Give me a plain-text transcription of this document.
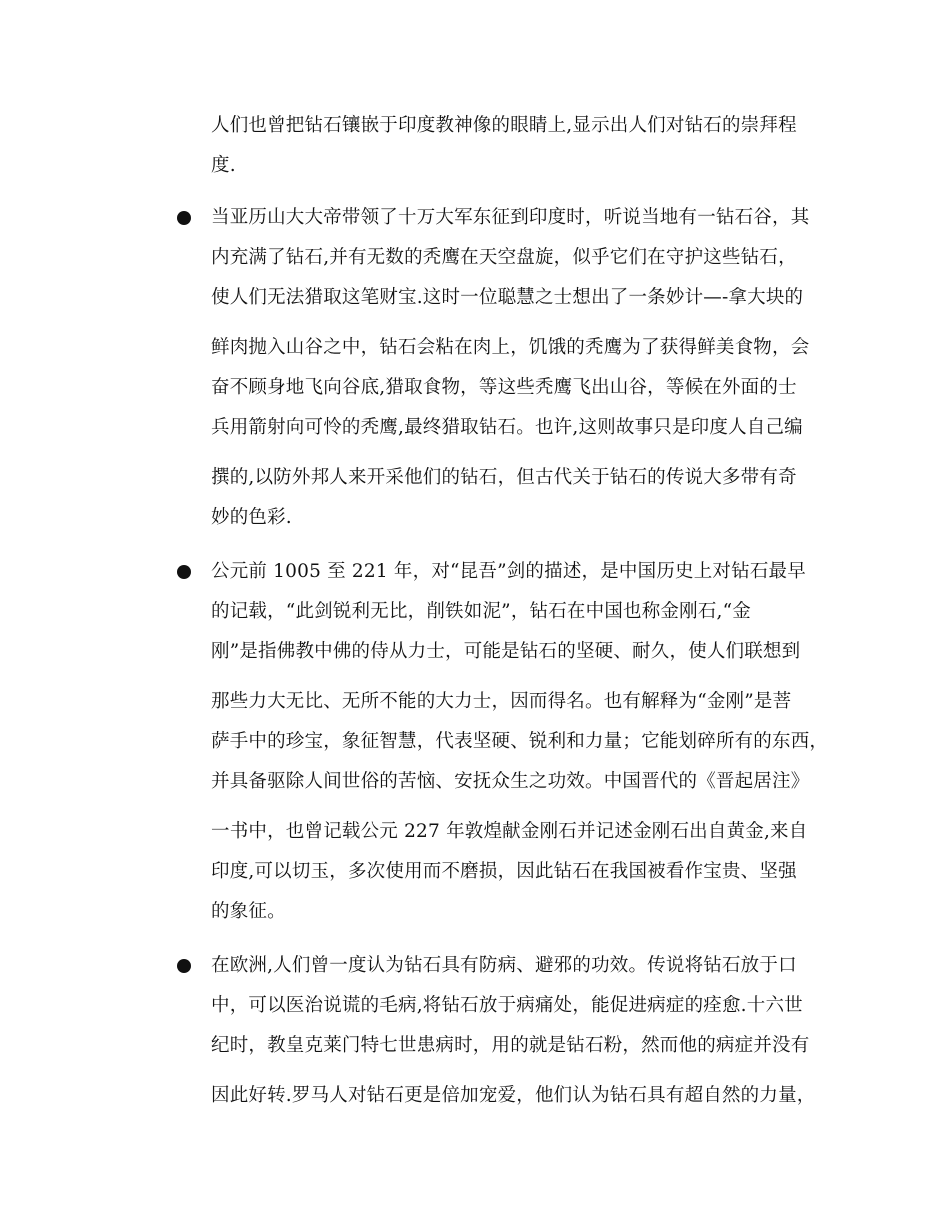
人们也曾把钻石镶嵌于印度教神像的眼睛上,显示出人们对钻石的崇拜程
度.
当亚历山大大帝带领了十万大军东征到印度时，听说当地有一钻石谷，其
内充满了钻石,并有无数的秃鹰在天空盘旋，似乎它们在守护这些钻石，
使人们无法猎取这笔财宝.这时一位聪慧之士想出了一条妙计—-拿大块的
鲜肉抛入山谷之中，钻石会粘在肉上，饥饿的秃鹰为了获得鲜美食物，会
奋不顾身地飞向谷底,猎取食物，等这些秃鹰飞出山谷，等候在外面的士
兵用箭射向可怜的秃鹰,最终猎取钻石。也许,这则故事只是印度人自己编
撰的,以防外邦人来开采他们的钻石，但古代关于钻石的传说大多带有奇
妙的色彩.
公元前 1005 至 221 年，对“昆吾”剑的描述，是中国历史上对钻石最早
的记载，“此剑锐利无比，削铁如泥”，钻石在中国也称金刚石,“金
刚”是指佛教中佛的侍从力士，可能是钻石的坚硬、耐久，使人们联想到
那些力大无比、无所不能的大力士，因而得名。也有解释为“金刚”是菩
萨手中的珍宝，象征智慧，代表坚硬、锐利和力量；它能划碎所有的东西，
并具备驱除人间世俗的苦恼、安抚众生之功效。中国晋代的《晋起居注》
一书中，也曾记载公元 227 年敦煌献金刚石并记述金刚石出自黄金,来自
印度,可以切玉，多次使用而不磨损，因此钻石在我国被看作宝贵、坚强
的象征。
在欧洲,人们曾一度认为钻石具有防病、避邪的功效。传说将钻石放于口
中，可以医治说谎的毛病,将钻石放于病痛处，能促进病症的痊愈.十六世
纪时，教皇克莱门特七世患病时，用的就是钻石粉，然而他的病症并没有
因此好转.罗马人对钻石更是倍加宠爱，他们认为钻石具有超自然的力量，
